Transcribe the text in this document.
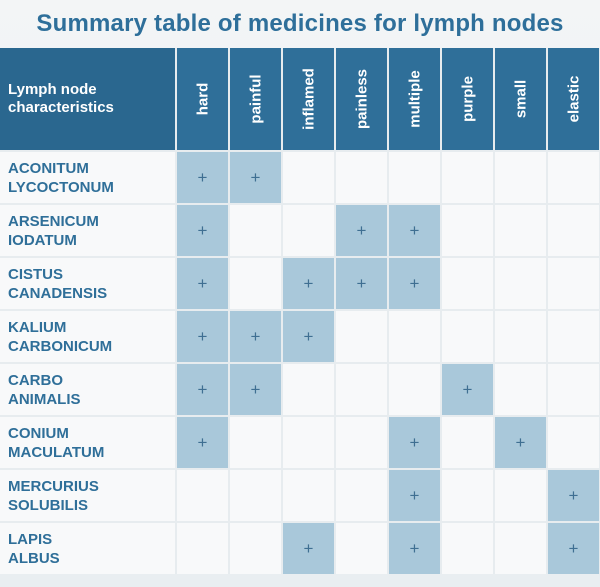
Summary table of medicines for lymph nodes
Lymph node
characteristics	hard	painful	inflamed	painless	multiple	purple	small	elastic

ACONITUM
LYCOCTONUM	+	+						

ARSENICUM
IODATUM	+			+	+			

CISTUS
CANADENSIS	+		+	+	+			

KALIUM
CARBONICUM	+	+	+					

CARBO
ANIMALIS	+	+				+		

CONIUM
MACULATUM	+				+		+	

MERCURIUS
SOLUBILIS					+			+

LAPIS
ALBUS			+		+			+
